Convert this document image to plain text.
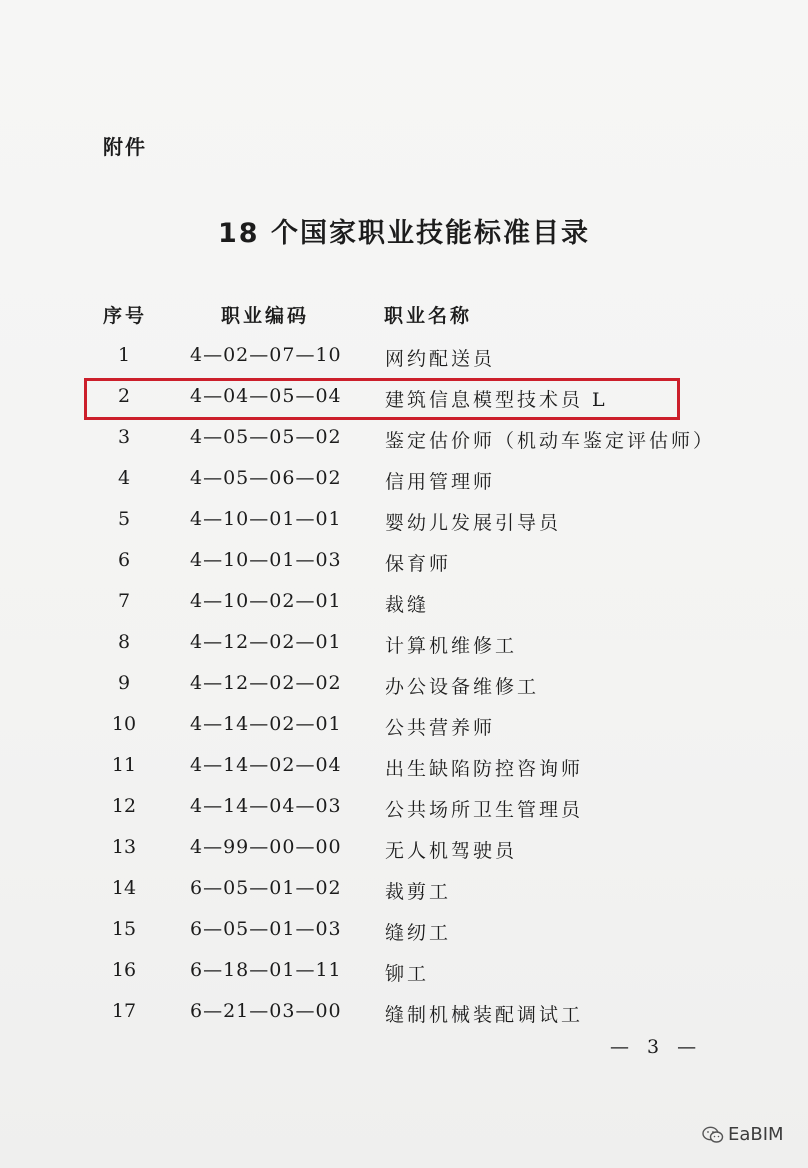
附件
18 个国家职业技能标准目录
序号	职业编码	职业名称
1	4—02—07—10 网约配送员
2	4—04—05—04 建筑信息模型技术员 L
3	4—05—05—02 鉴定估价师（机动车鉴定评估师）
4	4—05—06—02 信用管理师
5	4—10—01—01 婴幼儿发展引导员
6	4—10—01—03 保育师
7	4—10—02—01 裁缝
8	4—12—02—01 计算机维修工
9	4—12—02—02 办公设备维修工
10	4—14—02—01 公共营养师
11	4—14—02—04 出生缺陷防控咨询师
12	4—14—04—03 公共场所卫生管理员
13	4—99—00—00 无人机驾驶员
14	6—05—01—02 裁剪工
15	6—05—01—03 缝纫工
16	6—18—01—11 铆工
17	6—21—03—00 缝制机械装配调试工
— 3 —
EaBIM
